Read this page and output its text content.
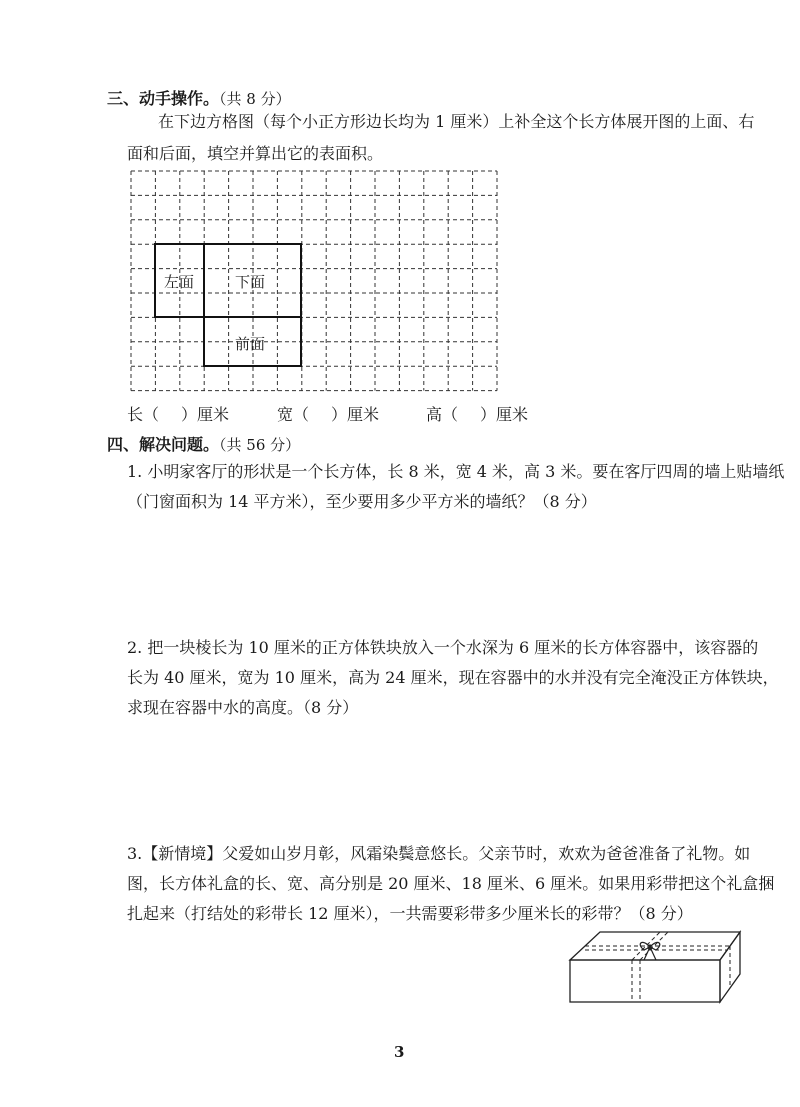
三、动手操作。（共 8 分）
在下边方格图（每个小正方形边长均为 1 厘米）上补全这个长方体展开图的上面、右
面和后面，填空并算出它的表面积。
左面	下面
前面
长（ ）厘米	宽（ ）厘米	高（ ）厘米
四、解决问题。（共 56 分）
1. 小明家客厅的形状是一个长方体，长 8 米，宽 4 米，高 3 米。要在客厅四周的墙上贴墙纸
（门窗面积为 14 平方米），至少要用多少平方米的墙纸？（8 分）
2. 把一块棱长为 10 厘米的正方体铁块放入一个水深为 6 厘米的长方体容器中，该容器的
长为 40 厘米，宽为 10 厘米，高为 24 厘米，现在容器中的水并没有完全淹没正方体铁块，
求现在容器中水的高度。（8 分）
3.【新情境】父爱如山岁月彰，风霜染鬓意悠长。父亲节时，欢欢为爸爸准备了礼物。如
图，长方体礼盒的长、宽、高分别是 20 厘米、18 厘米、6 厘米。如果用彩带把这个礼盒捆
扎起来（打结处的彩带长 12 厘米），一共需要彩带多少厘米长的彩带？（8 分）
3
